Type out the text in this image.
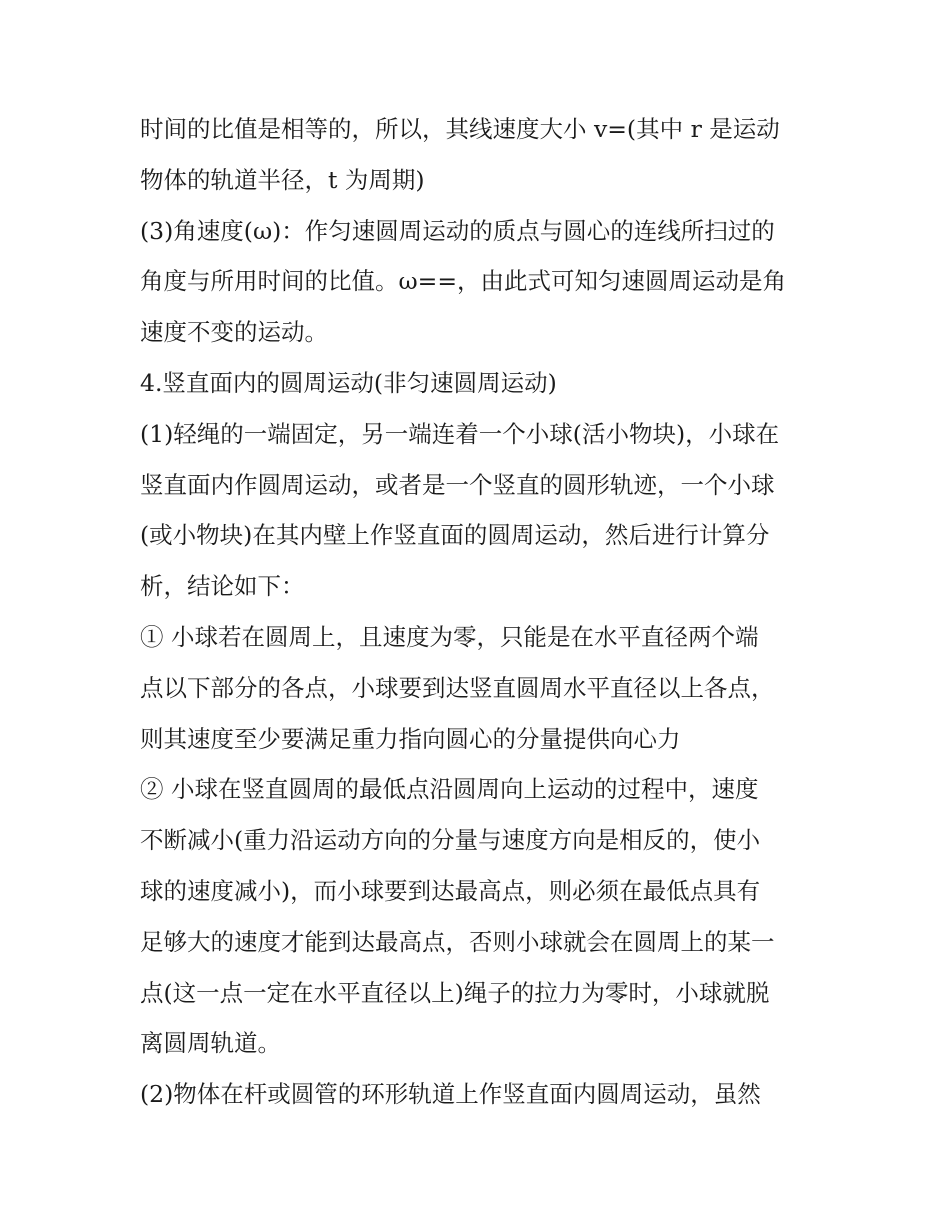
时间的比值是相等的，所以，其线速度大小 v=(其中 r 是运动
物体的轨道半径，t 为周期)
(3)角速度(ω)：作匀速圆周运动的质点与圆心的连线所扫过的
角度与所用时间的比值。ω==，由此式可知匀速圆周运动是角
速度不变的运动。
4.竖直面内的圆周运动(非匀速圆周运动)
(1)轻绳的一端固定，另一端连着一个小球(活小物块)，小球在
竖直面内作圆周运动，或者是一个竖直的圆形轨迹，一个小球
(或小物块)在其内壁上作竖直面的圆周运动，然后进行计算分
析，结论如下：
① 小球若在圆周上，且速度为零，只能是在水平直径两个端
点以下部分的各点，小球要到达竖直圆周水平直径以上各点，
则其速度至少要满足重力指向圆心的分量提供向心力
② 小球在竖直圆周的最低点沿圆周向上运动的过程中，速度
不断减小(重力沿运动方向的分量与速度方向是相反的，使小
球的速度减小)，而小球要到达最高点，则必须在最低点具有
足够大的速度才能到达最高点，否则小球就会在圆周上的某一
点(这一点一定在水平直径以上)绳子的拉力为零时，小球就脱
离圆周轨道。
(2)物体在杆或圆管的环形轨道上作竖直面内圆周运动，虽然
